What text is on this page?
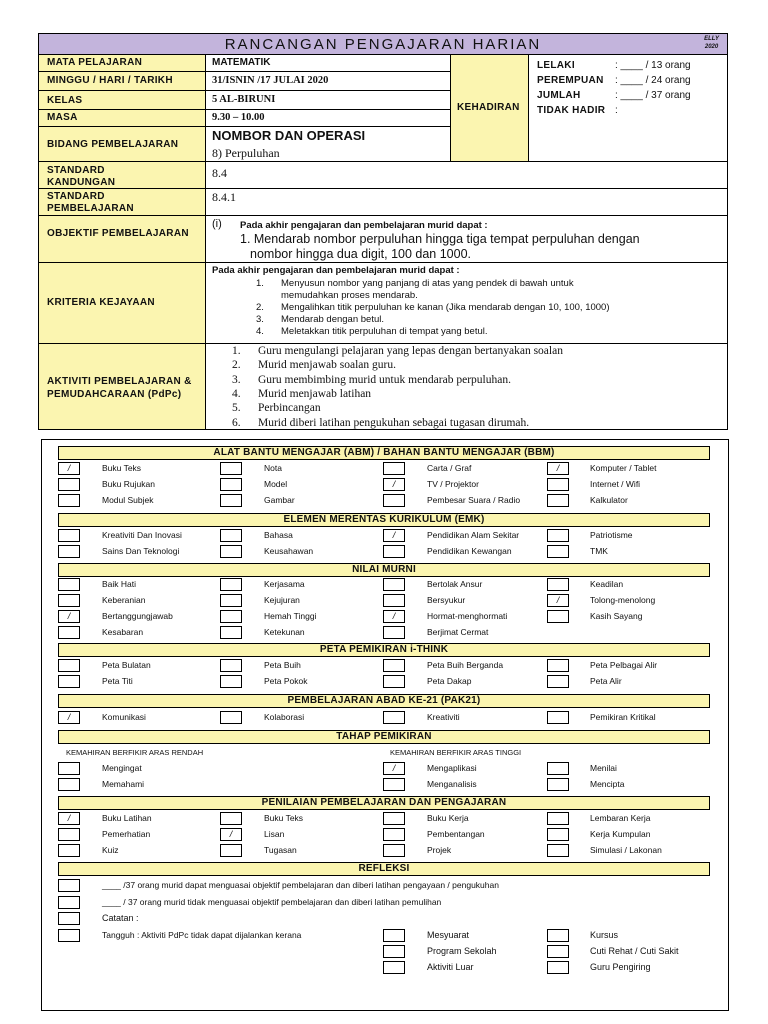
RANCANGAN PENGAJARAN HARIAN	ELLY
2020
MATA PELAJARAN	MATEMATIK
MINGGU / HARI / TARIKH	31/ISNIN /17 JULAI 2020
KELAS	5 AL-BIRUNI
MASA	9.30 – 10.00
BIDANG PEMBELAJARAN
NOMBOR DAN OPERASI
8) Perpuluhan
KEHADIRAN
LELAKI	: ____ / 13 orang
PEREMPUAN : ____ / 24 orang
JUMLAH	: ____ / 37 orang
TIDAK HADIR :
STANDARD
KANDUNGAN
8.4
STANDARD
PEMBELAJARAN
8.4.1
OBJEKTIF PEMBELAJARAN
(i) Pada akhir pengajaran dan pembelajaran murid dapat :
1. Mendarab nombor perpuluhan hingga tiga tempat perpuluhan dengan
nombor hingga dua digit, 100 dan 1000.
KRITERIA KEJAYAAN
Pada akhir pengajaran dan pembelajaran murid dapat :
1. Menyusun nombor yang panjang di atas yang pendek di bawah untuk
memudahkan proses mendarab.
2. Mengalihkan titik perpuluhan ke kanan (Jika mendarab dengan 10, 100, 1000)
3. Mendarab dengan betul.
4. Meletakkan titik perpuluhan di tempat yang betul.
AKTIVITI PEMBELAJARAN &
PEMUDAHCARAAN (PdPc)
1. Guru mengulangi pelajaran yang lepas dengan bertanyakan soalan
2. Murid menjawab soalan guru.
3. Guru membimbing murid untuk mendarab perpuluhan.
4. Murid menjawab latihan
5. Perbincangan
6. Murid diberi latihan pengukuhan sebagai tugasan dirumah.
ALAT BANTU MENGAJAR (ABM) / BAHAN BANTU MENGAJAR (BBM)
/	Buku Teks	Nota	Carta / Graf	/	Komputer / Tablet
Buku Rujukan	Model	/	TV / Projektor	Internet / Wifi
Modul Subjek	Gambar	Pembesar Suara / Radio	Kalkulator
ELEMEN MERENTAS KURIKULUM (EMK)
Kreativiti Dan Inovasi	Bahasa	/	Pendidikan Alam Sekitar	Patriotisme
Sains Dan Teknologi	Keusahawan	Pendidikan Kewangan	TMK
NILAI MURNI
Baik Hati	Kerjasama	Bertolak Ansur	Keadilan
Keberanian	Kejujuran	Bersyukur	/	Tolong-menolong
/	Bertanggungjawab	Hemah Tinggi	/	Hormat-menghormati	Kasih Sayang
Kesabaran	Ketekunan	Berjimat Cermat
PETA PEMIKIRAN i-THINK
Peta Bulatan	Peta Buih	Peta Buih Berganda	Peta Pelbagai Alir
Peta Titi	Peta Pokok	Peta Dakap	Peta Alir
PEMBELAJARAN ABAD KE-21 (PAK21)
/	Komunikasi	Kolaborasi	Kreativiti	Pemikiran Kritikal
TAHAP PEMIKIRAN
KEMAHIRAN BERFIKIR ARAS RENDAH	KEMAHIRAN BERFIKIR ARAS TINGGI
Mengingat	/	Mengaplikasi	Menilai
Memahami	Menganalisis	Mencipta
PENILAIAN PEMBELAJARAN DAN PENGAJARAN
/	Buku Latihan	Buku Teks	Buku Kerja	Lembaran Kerja
Pemerhatian	/	Lisan	Pembentangan	Kerja Kumpulan
Kuiz	Tugasan	Projek	Simulasi / Lakonan
REFLEKSI
____ /37 orang murid dapat menguasai objektif pembelajaran dan diberi latihan pengayaan / pengukuhan
____ / 37 orang murid tidak menguasai objektif pembelajaran dan diberi latihan pemulihan
Catatan :
Tangguh : Aktiviti PdPc tidak dapat dijalankan kerana	Mesyuarat	Kursus
Program Sekolah	Cuti Rehat / Cuti Sakit
Aktiviti Luar	Guru Pengiring
